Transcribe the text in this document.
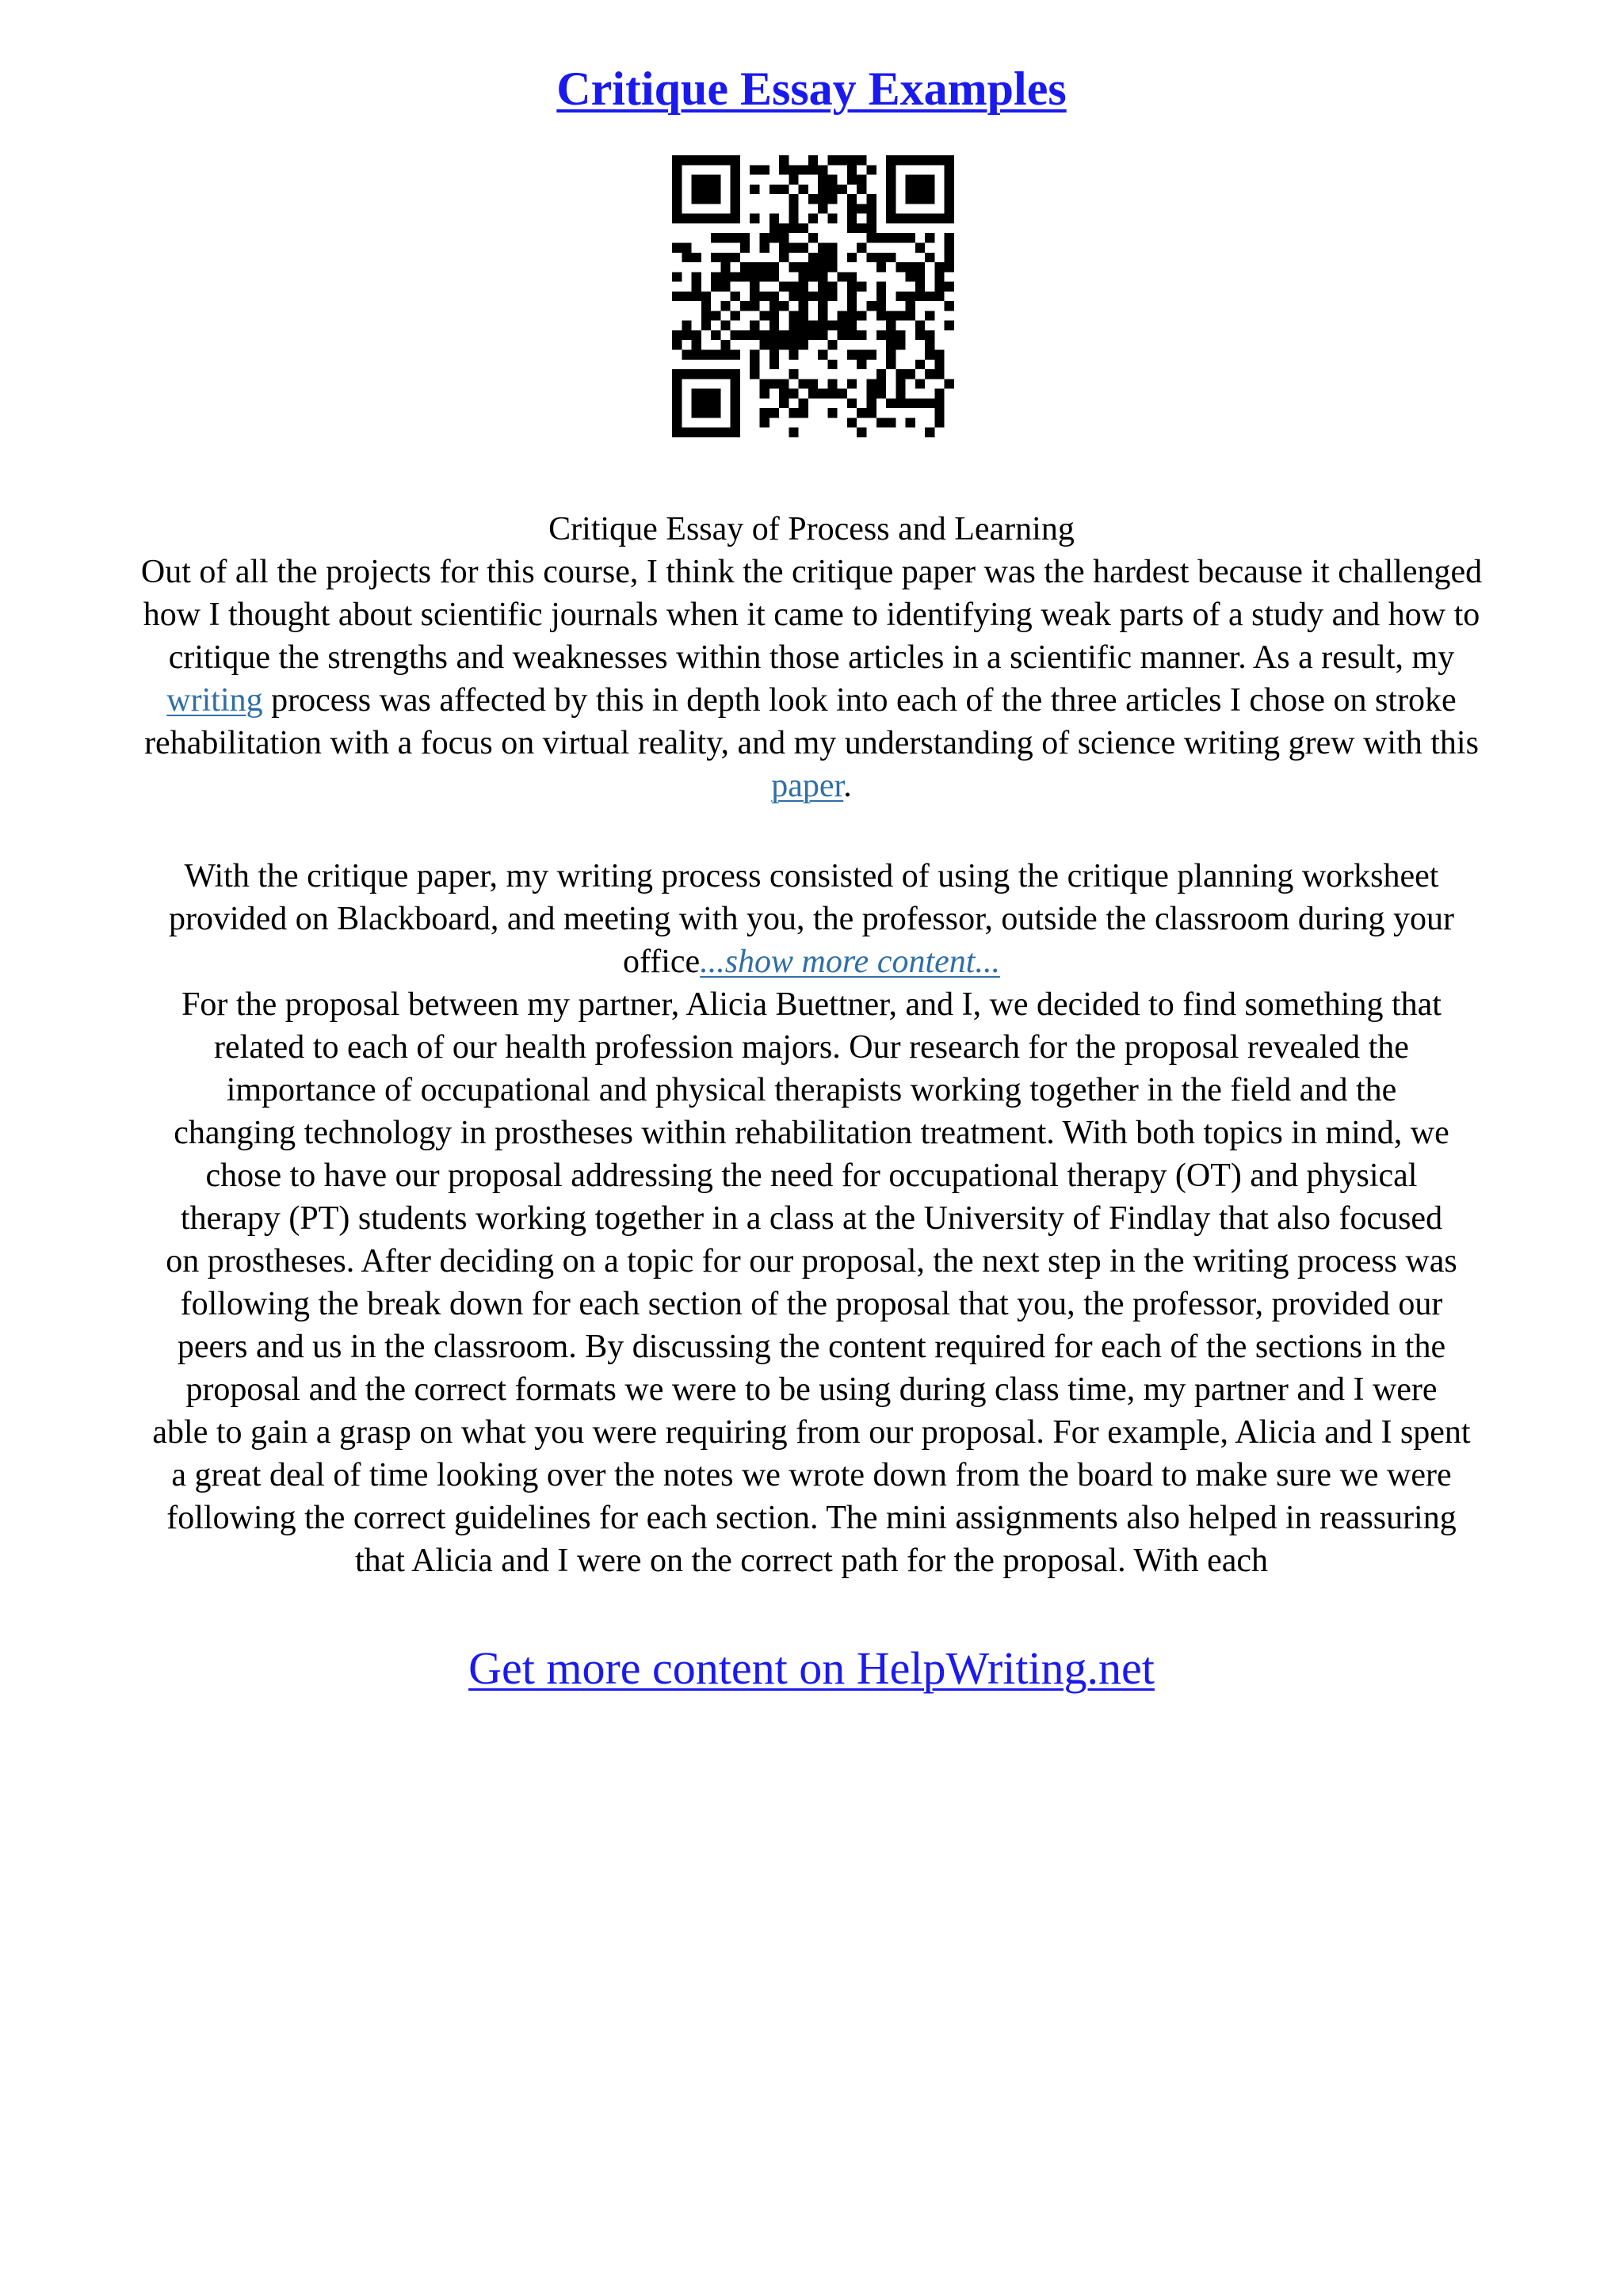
Critique Essay Examples
Critique Essay of Process and Learning

Out of all the projects for this course, I think the critique paper was the hardest because it challenged

how I thought about scientific journals when it came to identifying weak parts of a study and how to

critique the strengths and weaknesses within those articles in a scientific manner. As a result, my

writing process was affected by this in depth look into each of the three articles I chose on stroke

rehabilitation with a focus on virtual reality, and my understanding of science writing grew with this

paper.

With the critique paper, my writing process consisted of using the critique planning worksheet

provided on Blackboard, and meeting with you, the professor, outside the classroom during your

office...show more content...

For the proposal between my partner, Alicia Buettner, and I, we decided to find something that

related to each of our health profession majors. Our research for the proposal revealed the

importance of occupational and physical therapists working together in the field and the

changing technology in prostheses within rehabilitation treatment. With both topics in mind, we

chose to have our proposal addressing the need for occupational therapy (OT) and physical

therapy (PT) students working together in a class at the University of Findlay that also focused

on prostheses. After deciding on a topic for our proposal, the next step in the writing process was

following the break down for each section of the proposal that you, the professor, provided our

peers and us in the classroom. By discussing the content required for each of the sections in the

proposal and the correct formats we were to be using during class time, my partner and I were

able to gain a grasp on what you were requiring from our proposal. For example, Alicia and I spent

a great deal of time looking over the notes we wrote down from the board to make sure we were

following the correct guidelines for each section. The mini assignments also helped in reassuring

that Alicia and I were on the correct path for the proposal. With each

Get more content on HelpWriting.net
